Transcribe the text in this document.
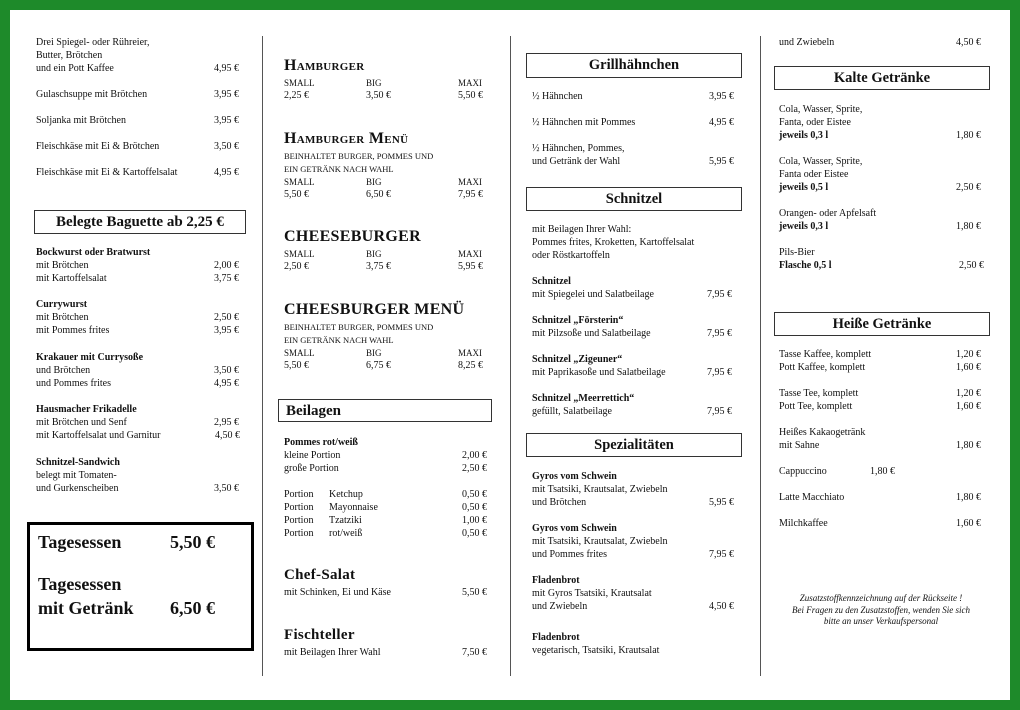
Drei Spiegel- oder Rühreier,
Butter, Brötchen
und ein Pott Kaffee	4,95 €
Gulaschsuppe mit Brötchen	3,95 €
Soljanka mit Brötchen	3,95 €
Fleischkäse mit Ei & Brötchen	3,50 €
Fleischkäse mit Ei & Kartoffelsalat	4,95 €
Belegte Baguette ab 2,25 €
Bockwurst oder Bratwurst
mit Brötchen	2,00 €
mit Kartoffelsalat	3,75 €
Currywurst
mit Brötchen	2,50 €
mit Pommes frites	3,95 €
Krakauer mit Currysoße
und Brötchen	3,50 €
und Pommes frites	4,95 €
Hausmacher Frikadelle
mit Brötchen und Senf	2,95 €
mit Kartoffelsalat und Garnitur	4,50 €
Schnitzel-Sandwich
belegt mit Tomaten-
und Gurkenscheiben	3,50 €
Tagesessen	5,50 €
Tagesessen
mit Getränk 6,50 €
Hamburger
SMALL	BIG	MAXI
2,25 €	3,50 €	5,50 €
Hamburger Menü
BEINHALTET BURGER, POMMES UND
EIN GETRÄNK NACH WAHL
SMALL	BIG	MAXI
5,50 €	6,50 €	7,95 €
CHEESEBURGER
SMALL	BIG	MAXI
2,50 €	3,75 €	5,95 €
CHEESBURGER MENÜ
BEINHALTET BURGER, POMMES UND
EIN GETRÄNK NACH WAHL
SMALL	BIG	MAXI
5,50 €	6,75 €	8,25 €
Beilagen
Pommes rot/weiß
kleine Portion	2,00 €
große Portion	2,50 €
Portion Ketchup	0,50 €
Portion Mayonnaise	0,50 €
Portion Tzatziki	1,00 €
Portion rot/weiß	0,50 €
Chef-Salat
mit Schinken, Ei und Käse	5,50 €
Fischteller
mit Beilagen Ihrer Wahl	7,50 €
Grillhähnchen
½ Hähnchen	3,95 €
½ Hähnchen mit Pommes	4,95 €
½ Hähnchen, Pommes,
und Getränk der Wahl	5,95 €
Schnitzel
mit Beilagen Ihrer Wahl:
Pommes frites, Kroketten, Kartoffelsalat
oder Röstkartoffeln
Schnitzel
mit Spiegelei und Salatbeilage	7,95 €
Schnitzel „Försterin“
mit Pilzsoße und Salatbeilage	7,95 €
Schnitzel „Zigeuner“
mit Paprikasoße und Salatbeilage	7,95 €
Schnitzel „Meerrettich“
gefüllt, Salatbeilage	7,95 €
Spezialitäten
Gyros vom Schwein
mit Tsatsiki, Krautsalat, Zwiebeln
und Brötchen	5,95 €
Gyros vom Schwein
mit Tsatsiki, Krautsalat, Zwiebeln
und Pommes frites	7,95 €
Fladenbrot
mit Gyros Tsatsiki, Krautsalat
und Zwiebeln	4,50 €
Fladenbrot
vegetarisch, Tsatsiki, Krautsalat
und Zwiebeln	4,50 €
Kalte Getränke
Cola, Wasser, Sprite,
Fanta, oder Eistee
jeweils 0,3 l	1,80 €
Cola, Wasser, Sprite,
Fanta oder Eistee
jeweils 0,5 l	2,50 €
Orangen- oder Apfelsaft
jeweils 0,3 l	1,80 €
Pils-Bier
Flasche 0,5 l	2,50 €
Heiße Getränke
Tasse Kaffee, komplett	1,20 €
Pott Kaffee, komplett	1,60 €
Tasse Tee, komplett	1,20 €
Pott Tee, komplett	1,60 €
Heißes Kakaogetränk
mit Sahne	1,80 €
Cappuccino	1,80 €
Latte Macchiato	1,80 €
Milchkaffee	1,60 €
Zusatzstoffkennzeichnung auf der Rückseite !
Bei Fragen zu den Zusatzstoffen, wenden Sie sich
bitte an unser Verkaufspersonal
